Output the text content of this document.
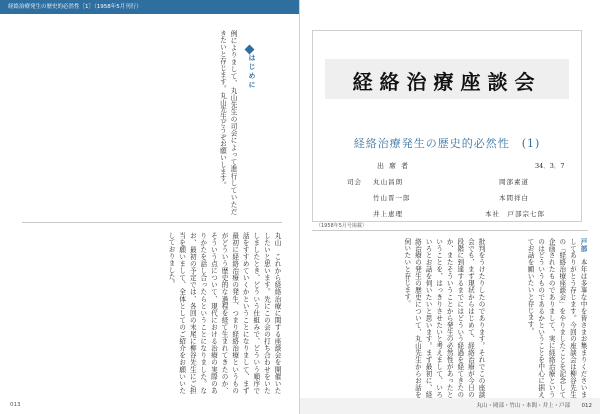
経絡治療発生の歴史的必然性［1］（1958年5月刊行）
例によりまして、丸山先生の司会によって進行していただきたいと存じます。丸山先生どうぞお願いします。	はじめに
丸山　これから経絡治療に関する座談会を開催いたしたいと思います。先にこの会の打ち合わせをいたしましたとき、どういう仕組みで、どういう順序で話をすすめていくかということになりまして、まず最初に経絡治療の発生、つまり経絡治療というものがどういう歴史的な過程を経て生まれてきたのか、そういう点について、現代における治療の実際のありかたを話し合ったらということになりました。なお、最初の予定では、各回の末尾に柳谷先生にご担当を願いまして、全体としてのご紹介をお願いいたしておりました。
013
経絡治療座談会
経絡治療発生の歴史的必然性　(1)
出席者	34．3．7
司会 丸山昌朗	岡部素道
竹山晋一郎	本間祥白
井上恵理	本社　戸部宗七郎
（1958年5月号掲載）
戸部　本年は多事な中を皆さまお集まりくださいましてありがとう存じます。今回の座談会は柳谷先生の「経絡治療座談会」をやりましたことを記念して企画されたものでありまして、実に経絡治療というのはどういうものであるかということを中心に据えてお話を願いたいと存じます。
批判をうけたりしたのであります。それでこの座談会でも、まず現状からはじめて、経絡治療が今日の段階に到達するまでにはどういう経過を経てきたのか、またそういうことから発生の必然性があったということを、はっきりさせたいと考えまして、いろいろとお話を伺いたいと思います。まず最初に、経絡治療の発生の歴史について、丸山先生からお話を伺いたいと存じます。
丸山・岡部・竹山・本間・井上・戸部 012
